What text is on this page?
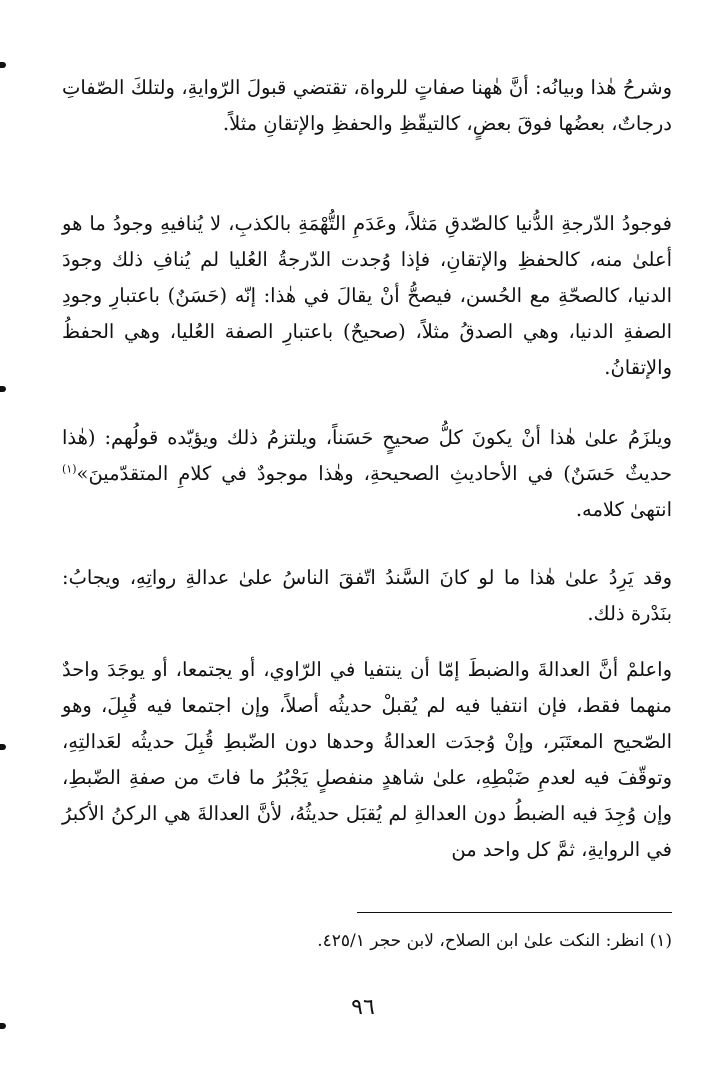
وشرحُ هٰذا وبيانُه: أنَّ هٰهنا صفاتٍ للرواة، تقتضي قبولَ الرّوايةِ، ولتلكَ الصّفاتِ درجاتٌ، بعضُها فوقَ بعضٍ، كالتيقّظِ والحفظِ والإتقانِ مثلاً.

فوجودُ الدّرجةِ الدُّنيا كالصّدقِ مَثلاً، وعَدَمِ التُّهْمَةِ بالكذبِ، لا يُنافيهِ وجودُ ما هو أعلىٰ منه، كالحفظِ والإتقانِ، فإذا وُجدت الدّرجةُ العُليا لم يُنافِ ذلك وجودَ الدنيا، كالصحّةِ مع الحُسن، فيصحُّ أنْ يقالَ في هٰذا: إنّه (حَسَنٌ) باعتبارِ وجودِ الصفةِ الدنيا، وهي الصدقُ مثلاً، (صحيحٌ) باعتبارِ الصفة العُليا، وهي الحفظُ والإتقانُ.

ويلزَمُ علىٰ هٰذا أنْ يكونَ كلُّ صحيحٍ حَسَناً، ويلتزمُ ذلك ويؤيّده قولُهم: (هٰذا حديثٌ حَسَنٌ) في الأحاديثِ الصحيحةِ، وهٰذا موجودٌ في كلامِ المتقدّمينَ»$^{(١)}$ انتهىٰ كلامه.

وقد يَرِدُ علىٰ هٰذا ما لو كانَ السَّندُ اتّفقَ الناسُ علىٰ عدالةِ رواتِهِ، ويجابُ: بنَدْرة ذلك.

واعلمْ أنَّ العدالةَ والضبطَ إمّا أن ينتفيا في الرّاوي، أو يجتمعا، أو يوجَدَ واحدٌ منهما فقط، فإن انتفيا فيه لم يُقبلْ حديثُه أصلاً، وإن اجتمعا فيه قُبِلَ، وهو الصّحيح المعتَبَر، وإنْ وُجدَت العدالةُ وحدها دون الضّبطِ قُبِلَ حديثُه لعَدالتِهِ، وتوقّفَ فيه لعدمِ ضَبْطِهِ، علىٰ شاهدٍ منفصلٍ يَجْبُرُ ما فاتَ من صفةِ الضّبطِ، وإن وُجِدَ فيه الضبطُ دون العدالةِ لم يُقبَل حديثُهُ، لأنَّ العدالةَ هي الركنُ الأكبرُ في الروايةِ، ثمَّ كل واحد من

(١) انظر: النكت علىٰ ابن الصلاح، لابن حجر ٤٢٥/١.

٩٦
